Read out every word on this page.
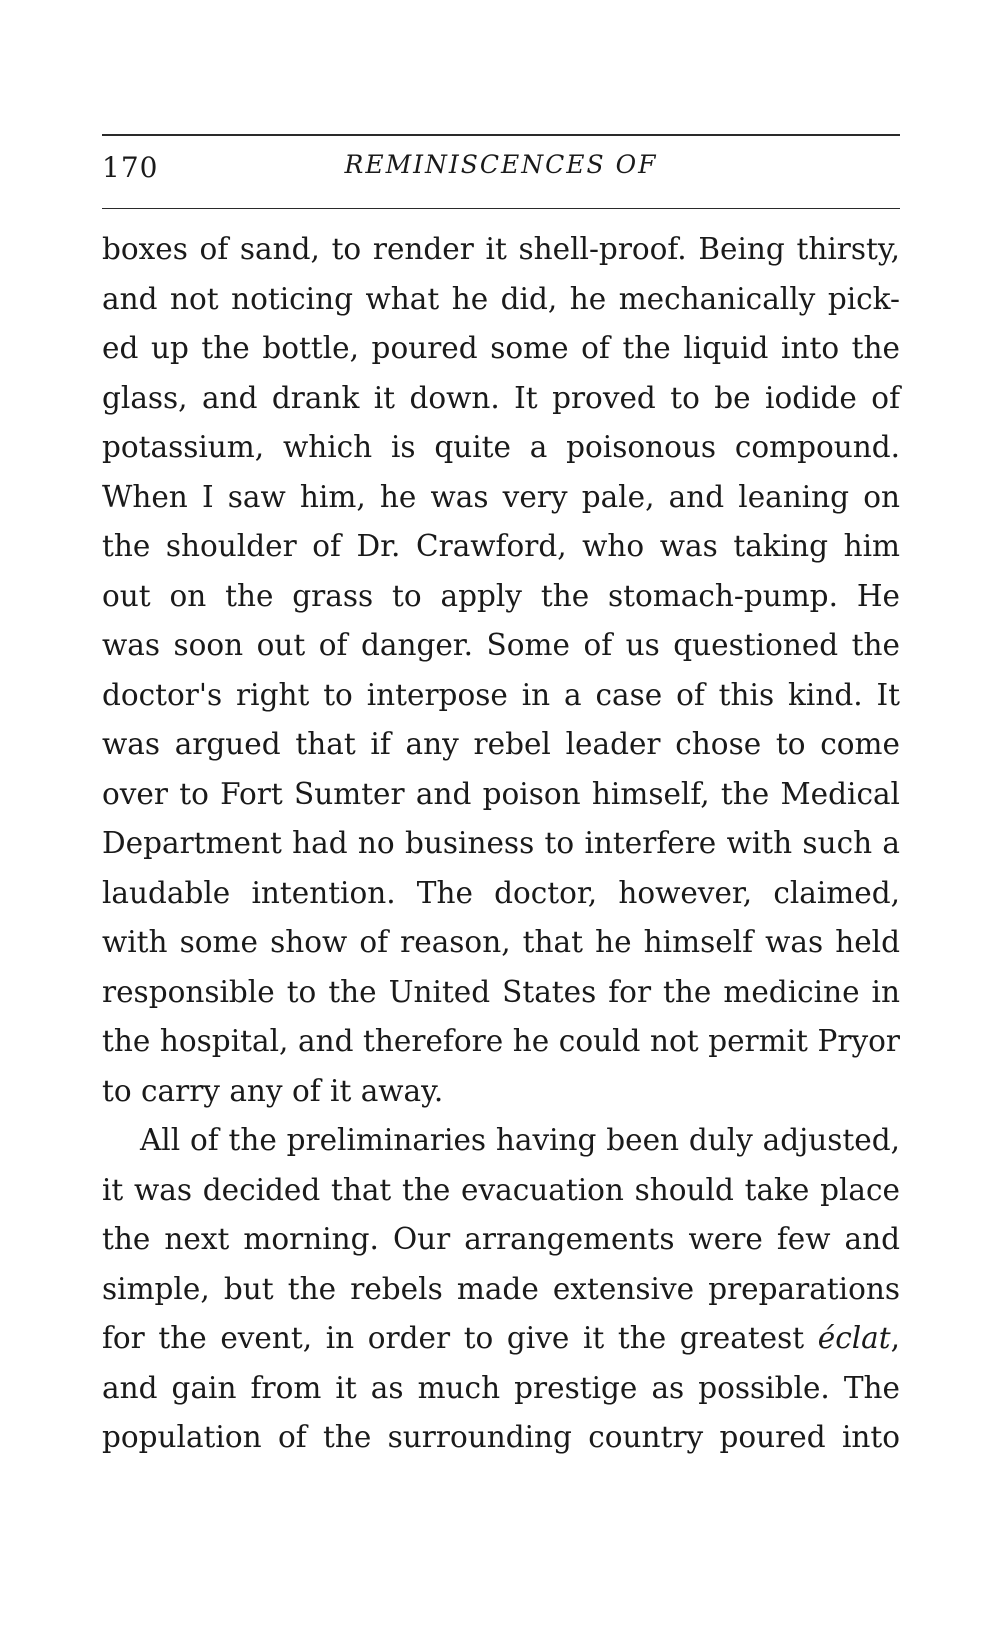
170	REMINISCENCES OF

boxes of sand, to render it shell-proof. Being thirsty,
and not noticing what he did, he mechanically pick-
ed up the bottle, poured some of the liquid into the
glass, and drank it down. It proved to be iodide of
potassium, which is quite a poisonous compound.
When I saw him, he was very pale, and leaning on
the shoulder of Dr. Crawford, who was taking him
out on the grass to apply the stomach-pump. He
was soon out of danger. Some of us questioned the
doctor's right to interpose in a case of this kind. It
was argued that if any rebel leader chose to come
over to Fort Sumter and poison himself, the Medical
Department had no business to interfere with such a
laudable intention. The doctor, however, claimed,
with some show of reason, that he himself was held
responsible to the United States for the medicine in
the hospital, and therefore he could not permit Pryor
to carry any of it away.

All of the preliminaries having been duly adjusted,
it was decided that the evacuation should take place
the next morning. Our arrangements were few and
simple, but the rebels made extensive preparations
for the event, in order to give it the greatest éclat,
and gain from it as much prestige as possible. The
population of the surrounding country poured into
